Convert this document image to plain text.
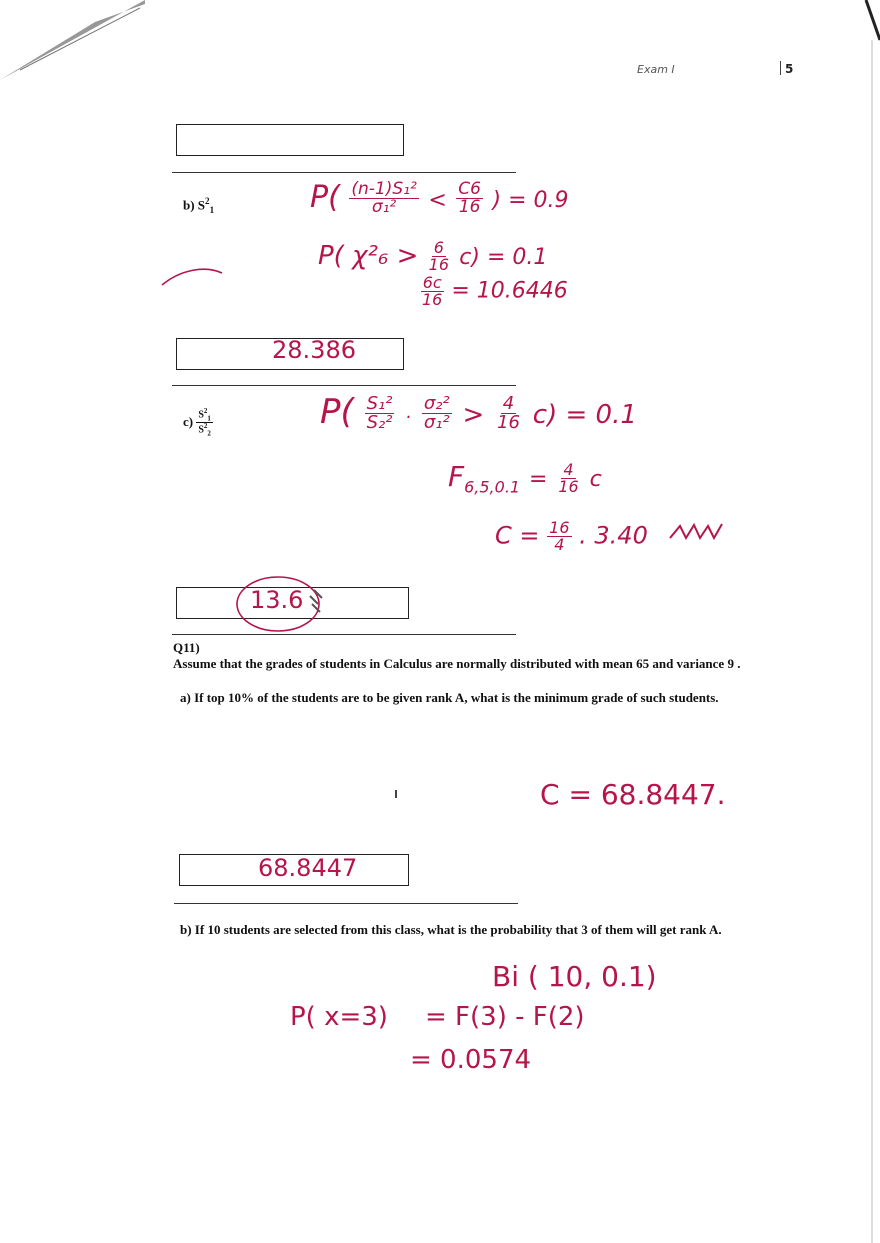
Exam I	5
b) $S^2_1$	$P( \frac{\text{(n-1)S₁²}}{\text{σ₁²}} < \frac{C6}{16}$ ) = 0.9
P( $\chi^2_6 > \frac{6}{16} c) = 0.1$
$\frac{6c}{16} = 10.6446$
28.386
$c) \frac{S^2_1}{S^2_2}$	$P( \frac{\text{S₁²}}{\text{S₂²}} \cdot \frac{\text{σ₂²}}{\text{σ₁²}} > \frac{4}{16} c) = 0.1$
$F_{6,5,0.1} = \frac{4}{16}$ c
$C = \frac{16}{4}$ . 3.40
13.6
Q11)
Assume that the grades of students in Calculus are normally distributed with mean 65 and variance 9 .
a) If top 10% of the students are to be given rank A, what is the minimum grade of such students.
C = 68.8447.
68.8447
b) If 10 students are selected from this class, what is the probability that 3 of them will get rank A.
Bi ( 10, 0.1)
P( x=3) = F(3) - F(2)
= 0.0574
